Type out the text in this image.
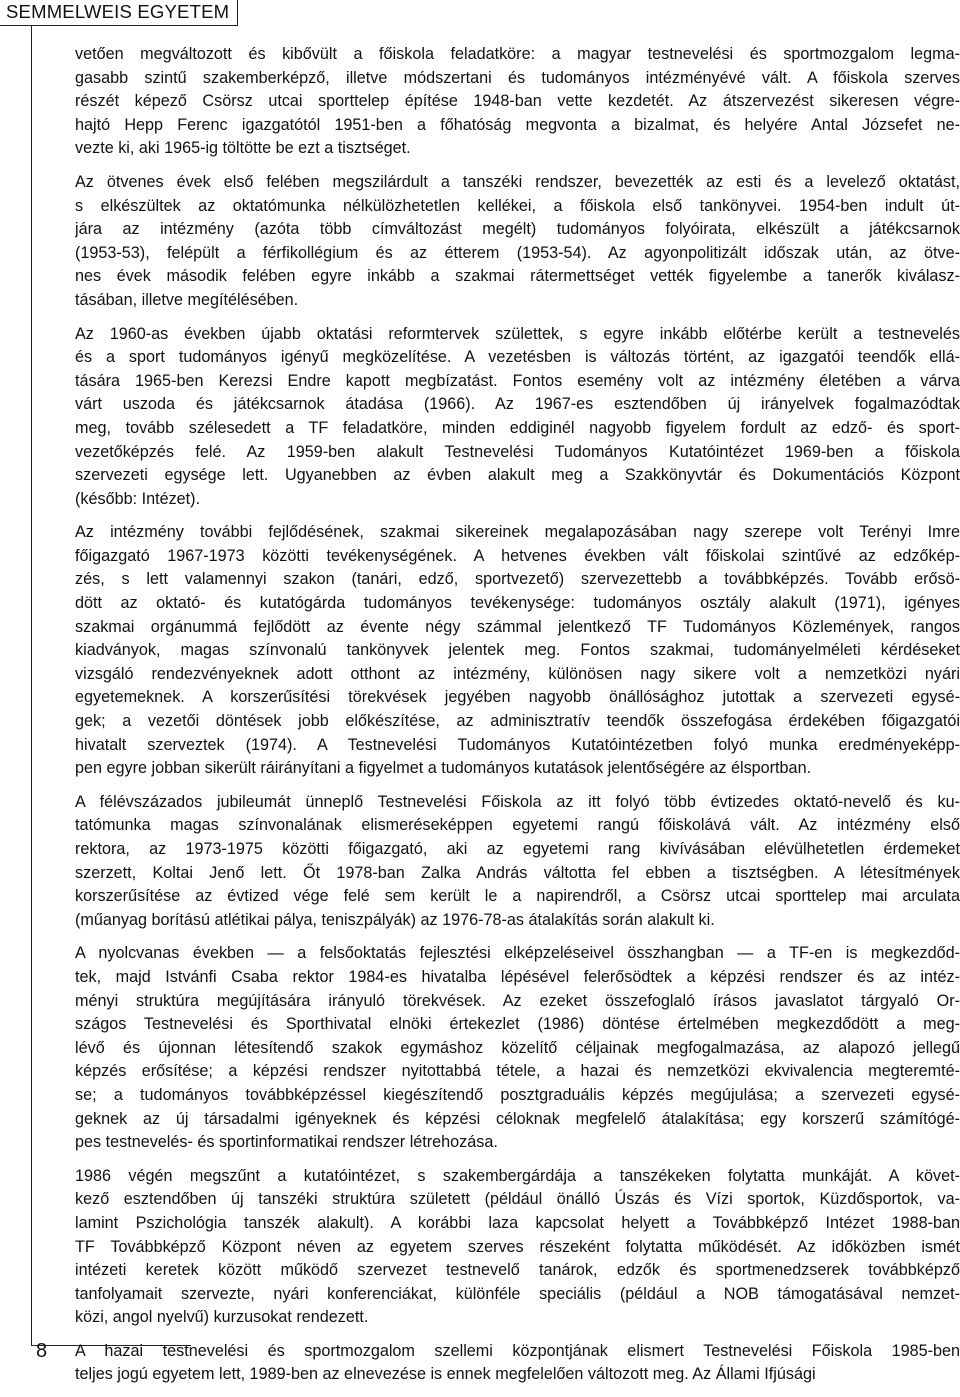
SEMMELWEIS EGYETEM
8
vetően megváltozott és kibővült a főiskola feladatköre: a magyar testnevelési és sportmozgalom legma-
gasabb szintű szakemberképző, illetve módszertani és tudományos intézményévé vált. A főiskola szerves
részét képező Csörsz utcai sporttelep építése 1948-ban vette kezdetét. Az átszervezést sikeresen végre-
hajtó Hepp Ferenc igazgatótól 1951-ben a főhatóság megvonta a bizalmat, és helyére Antal Józsefet ne-
vezte ki, aki 1965-ig töltötte be ezt a tisztséget.
Az ötvenes évek első felében megszilárdult a tanszéki rendszer, bevezették az esti és a levelező oktatást,
s elkészültek az oktatómunka nélkülözhetetlen kellékei, a főiskola első tankönyvei. 1954-ben indult út-
jára az intézmény (azóta több címváltozást megélt) tudományos folyóirata, elkészült a játékcsarnok
(1953-53), felépült a férfikollégium és az étterem (1953-54). Az agyonpolitizált időszak után, az ötve-
nes évek második felében egyre inkább a szakmai rátermettséget vették figyelembe a tanerők kiválasz-
tásában, illetve megítélésében.
Az 1960-as években újabb oktatási reformtervek születtek, s egyre inkább előtérbe került a testnevelés
és a sport tudományos igényű megközelítése. A vezetésben is változás történt, az igazgatói teendők ellá-
tására 1965-ben Kerezsi Endre kapott megbízatást. Fontos esemény volt az intézmény életében a várva
várt uszoda és játékcsarnok átadása (1966). Az 1967-es esztendőben új irányelvek fogalmazódtak
meg, tovább szélesedett a TF feladatköre, minden eddiginél nagyobb figyelem fordult az edző- és sport-
vezetőképzés felé. Az 1959-ben alakult Testnevelési Tudományos Kutatóintézet 1969-ben a főiskola
szervezeti egysége lett. Ugyanebben az évben alakult meg a Szakkönyvtár és Dokumentációs Központ
(később: Intézet).
Az intézmény további fejlődésének, szakmai sikereinek megalapozásában nagy szerepe volt Terényi Imre
főigazgató 1967-1973 közötti tevékenységének. A hetvenes években vált főiskolai szintűvé az edzőkép-
zés, s lett valamennyi szakon (tanári, edző, sportvezető) szervezettebb a továbbképzés. Tovább erősö-
dött az oktató- és kutatógárda tudományos tevékenysége: tudományos osztály alakult (1971), igényes
szakmai orgánummá fejlődött az évente négy számmal jelentkező TF Tudományos Közlemények, rangos
kiadványok, magas színvonalú tankönyvek jelentek meg. Fontos szakmai, tudományelméleti kérdéseket
vizsgáló rendezvényeknek adott otthont az intézmény, különösen nagy sikere volt a nemzetközi nyári
egyetemeknek. A korszerűsítési törekvések jegyében nagyobb önállósághoz jutottak a szervezeti egysé-
gek; a vezetői döntések jobb előkészítése, az adminisztratív teendők összefogása érdekében főigazgatói
hivatalt szerveztek (1974). A Testnevelési Tudományos Kutatóintézetben folyó munka eredményeképp-
pen egyre jobban sikerült ráirányítani a figyelmet a tudományos kutatások jelentőségére az élsportban.
A félévszázados jubileumát ünneplő Testnevelési Főiskola az itt folyó több évtizedes oktató-nevelő és ku-
tatómunka magas színvonalának elismeréseképpen egyetemi rangú főiskolává vált. Az intézmény első
rektora, az 1973-1975 közötti főigazgató, aki az egyetemi rang kivívásában elévülhetetlen érdemeket
szerzett, Koltai Jenő lett. Őt 1978-ban Zalka András váltotta fel ebben a tisztségben. A létesítmények
korszerűsítése az évtized vége felé sem került le a napirendről, a Csörsz utcai sporttelep mai arculata
(műanyag borítású atlétikai pálya, teniszpályák) az 1976-78-as átalakítás során alakult ki.
A nyolcvanas években — a felsőoktatás fejlesztési elképzeléseivel összhangban — a TF-en is megkezdőd-
tek, majd Istvánfi Csaba rektor 1984-es hivatalba lépésével felerősödtek a képzési rendszer és az intéz-
ményi struktúra megújítására irányuló törekvések. Az ezeket összefoglaló írásos javaslatot tárgyaló Or-
szágos Testnevelési és Sporthivatal elnöki értekezlet (1986) döntése értelmében megkezdődött a meg-
lévő és újonnan létesítendő szakok egymáshoz közelítő céljainak megfogalmazása, az alapozó jellegű
képzés erősítése; a képzési rendszer nyitottabbá tétele, a hazai és nemzetközi ekvivalencia megteremté-
se; a tudományos továbbképzéssel kiegészítendő posztgraduális képzés megújulása; a szervezeti egysé-
geknek az új társadalmi igényeknek és képzési céloknak megfelelő átalakítása; egy korszerű számítógé-
pes testnevelés- és sportinformatikai rendszer létrehozása.
1986 végén megszűnt a kutatóintézet, s szakembergárdája a tanszékeken folytatta munkáját. A követ-
kező esztendőben új tanszéki struktúra született (például önálló Úszás és Vízi sportok, Küzdősportok, va-
lamint Pszichológia tanszék alakult). A korábbi laza kapcsolat helyett a Továbbképző Intézet 1988-ban
TF Továbbképző Központ néven az egyetem szerves részeként folytatta működését. Az időközben ismét
intézeti keretek között működő szervezet testnevelő tanárok, edzők és sportmenedzserek továbbképző
tanfolyamait szervezte, nyári konferenciákat, különféle speciális (például a NOB támogatásával nemzet-
közi, angol nyelvű) kurzusokat rendezett.
A hazai testnevelési és sportmozgalom szellemi központjának elismert Testnevelési Főiskola 1985-ben
teljes jogú egyetem lett, 1989-ben az elnevezése is ennek megfelelően változott meg. Az Állami Ifjúsági
